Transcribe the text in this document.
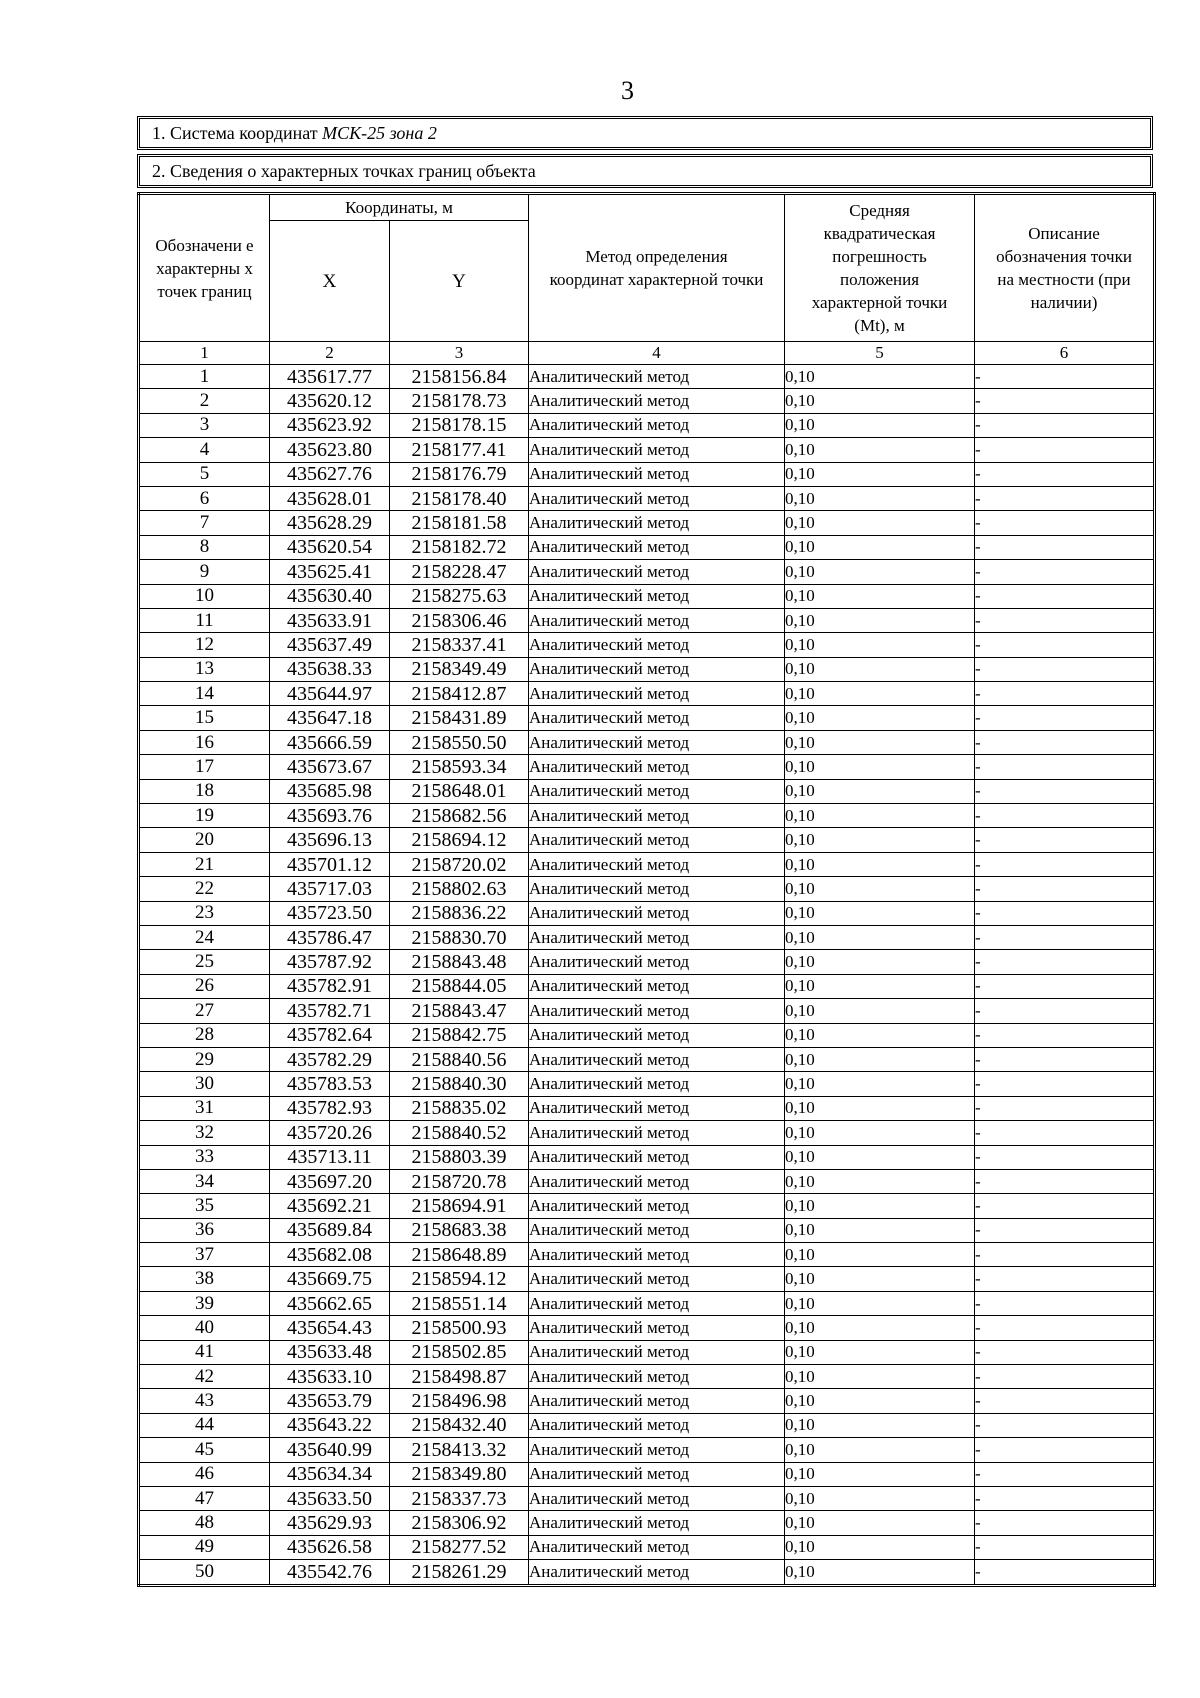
3
1. Система координат
МСК-25 зона 2
2. Сведения о характерных точках границ объекта
Обозначени е характерны х точек границ	Координаты, м		Метод определения координат характерной точки	Средняя квадратическая погрешность положения характерной точки (Mt), м	Описание обозначения точки на местности (при наличии)
	X	Y			
1	2	3	4	5	6
1	435617.77	2158156.84	Аналитический метод	0,10	-
2	435620.12	2158178.73	Аналитический метод	0,10	-
3	435623.92	2158178.15	Аналитический метод	0,10	-
4	435623.80	2158177.41	Аналитический метод	0,10	-
5	435627.76	2158176.79	Аналитический метод	0,10	-
6	435628.01	2158178.40	Аналитический метод	0,10	-
7	435628.29	2158181.58	Аналитический метод	0,10	-
8	435620.54	2158182.72	Аналитический метод	0,10	-
9	435625.41	2158228.47	Аналитический метод	0,10	-
10	435630.40	2158275.63	Аналитический метод	0,10	-
11	435633.91	2158306.46	Аналитический метод	0,10	-
12	435637.49	2158337.41	Аналитический метод	0,10	-
13	435638.33	2158349.49	Аналитический метод	0,10	-
14	435644.97	2158412.87	Аналитический метод	0,10	-
15	435647.18	2158431.89	Аналитический метод	0,10	-
16	435666.59	2158550.50	Аналитический метод	0,10	-
17	435673.67	2158593.34	Аналитический метод	0,10	-
18	435685.98	2158648.01	Аналитический метод	0,10	-
19	435693.76	2158682.56	Аналитический метод	0,10	-
20	435696.13	2158694.12	Аналитический метод	0,10	-
21	435701.12	2158720.02	Аналитический метод	0,10	-
22	435717.03	2158802.63	Аналитический метод	0,10	-
23	435723.50	2158836.22	Аналитический метод	0,10	-
24	435786.47	2158830.70	Аналитический метод	0,10	-
25	435787.92	2158843.48	Аналитический метод	0,10	-
26	435782.91	2158844.05	Аналитический метод	0,10	-
27	435782.71	2158843.47	Аналитический метод	0,10	-
28	435782.64	2158842.75	Аналитический метод	0,10	-
29	435782.29	2158840.56	Аналитический метод	0,10	-
30	435783.53	2158840.30	Аналитический метод	0,10	-
31	435782.93	2158835.02	Аналитический метод	0,10	-
32	435720.26	2158840.52	Аналитический метод	0,10	-
33	435713.11	2158803.39	Аналитический метод	0,10	-
34	435697.20	2158720.78	Аналитический метод	0,10	-
35	435692.21	2158694.91	Аналитический метод	0,10	-
36	435689.84	2158683.38	Аналитический метод	0,10	-
37	435682.08	2158648.89	Аналитический метод	0,10	-
38	435669.75	2158594.12	Аналитический метод	0,10	-
39	435662.65	2158551.14	Аналитический метод	0,10	-
40	435654.43	2158500.93	Аналитический метод	0,10	-
41	435633.48	2158502.85	Аналитический метод	0,10	-
42	435633.10	2158498.87	Аналитический метод	0,10	-
43	435653.79	2158496.98	Аналитический метод	0,10	-
44	435643.22	2158432.40	Аналитический метод	0,10	-
45	435640.99	2158413.32	Аналитический метод	0,10	-
46	435634.34	2158349.80	Аналитический метод	0,10	-
47	435633.50	2158337.73	Аналитический метод	0,10	-
48	435629.93	2158306.92	Аналитический метод	0,10	-
49	435626.58	2158277.52	Аналитический метод	0,10	-
50	435542.76	2158261.29	Аналитический метод	0,10	-
